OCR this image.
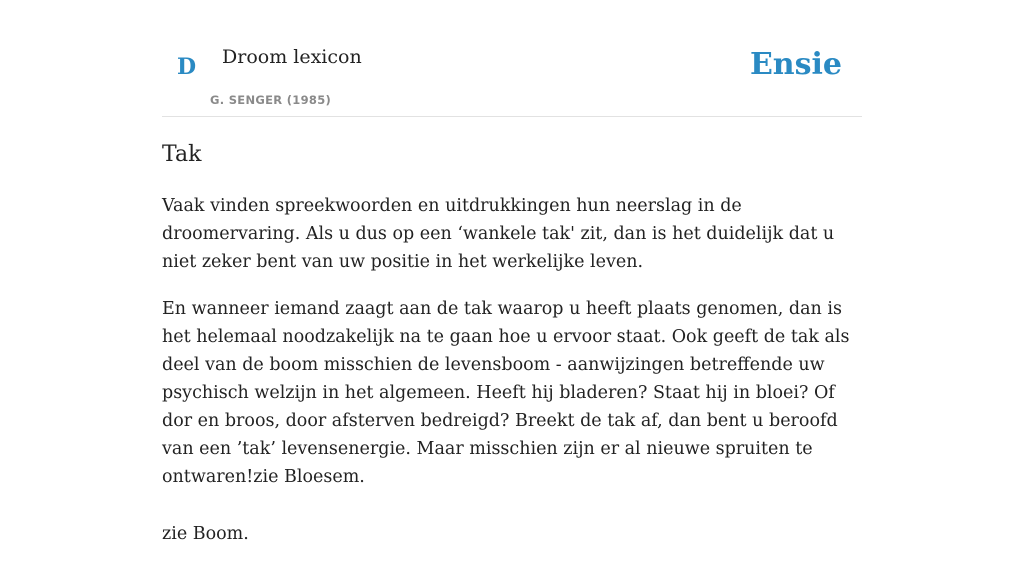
D Droom lexicon
G. SENGER (1985)
Ensie
Tak

Vaak vinden spreekwoorden en uitdrukkingen hun neerslag in de droomervaring. Als u dus op een ‘wankele tak' zit, dan is het duidelijk dat u niet zeker bent van uw positie in het werkelijke leven.

En wanneer iemand zaagt aan de tak waarop u heeft plaats genomen, dan is het helemaal noodzakelijk na te gaan hoe u ervoor staat. Ook geeft de tak als deel van de boom misschien de levensboom - aanwijzingen betreffende uw psychisch welzijn in het algemeen. Heeft hij bladeren? Staat hij in bloei? Of dor en broos, door afsterven bedreigd? Breekt de tak af, dan bent u beroofd van een ’tak’ levensenergie. Maar misschien zijn er al nieuwe spruiten te ontwaren!zie Bloesem.

zie Boom.
